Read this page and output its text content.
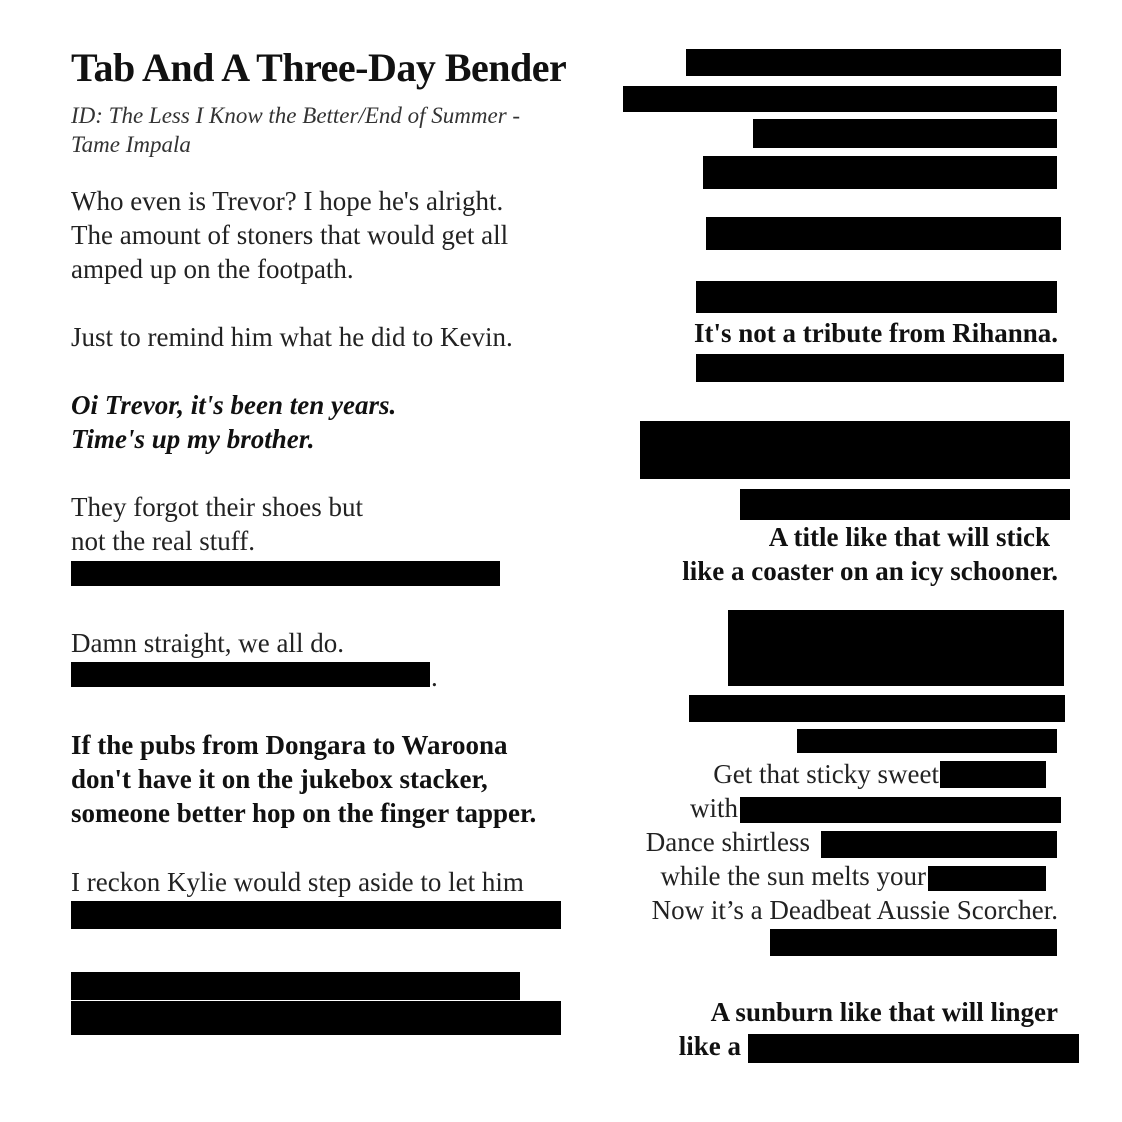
Tab And A Three-Day Bender
ID: The Less I Know the Better/End of Summer - Tame Impala
Who even is Trevor? I hope he's alright.
The amount of stoners that would get all
amped up on the footpath.
Just to remind him what he did to Kevin.
Oi Trevor, it's been ten years.
Time's up my brother.
They forgot their shoes but
not the real stuff.
Damn straight, we all do.
.
If the pubs from Dongara to Waroona
don't have it on the jukebox stacker,
someone better hop on the finger tapper.
I reckon Kylie would step aside to let him
It's not a tribute from Rihanna.
A title like that will stick
like a coaster on an icy schooner.
Get that sticky sweet
with
Dance shirtless
while the sun melts your
Now it’s a Deadbeat Aussie Scorcher.
A sunburn like that will linger
like a
